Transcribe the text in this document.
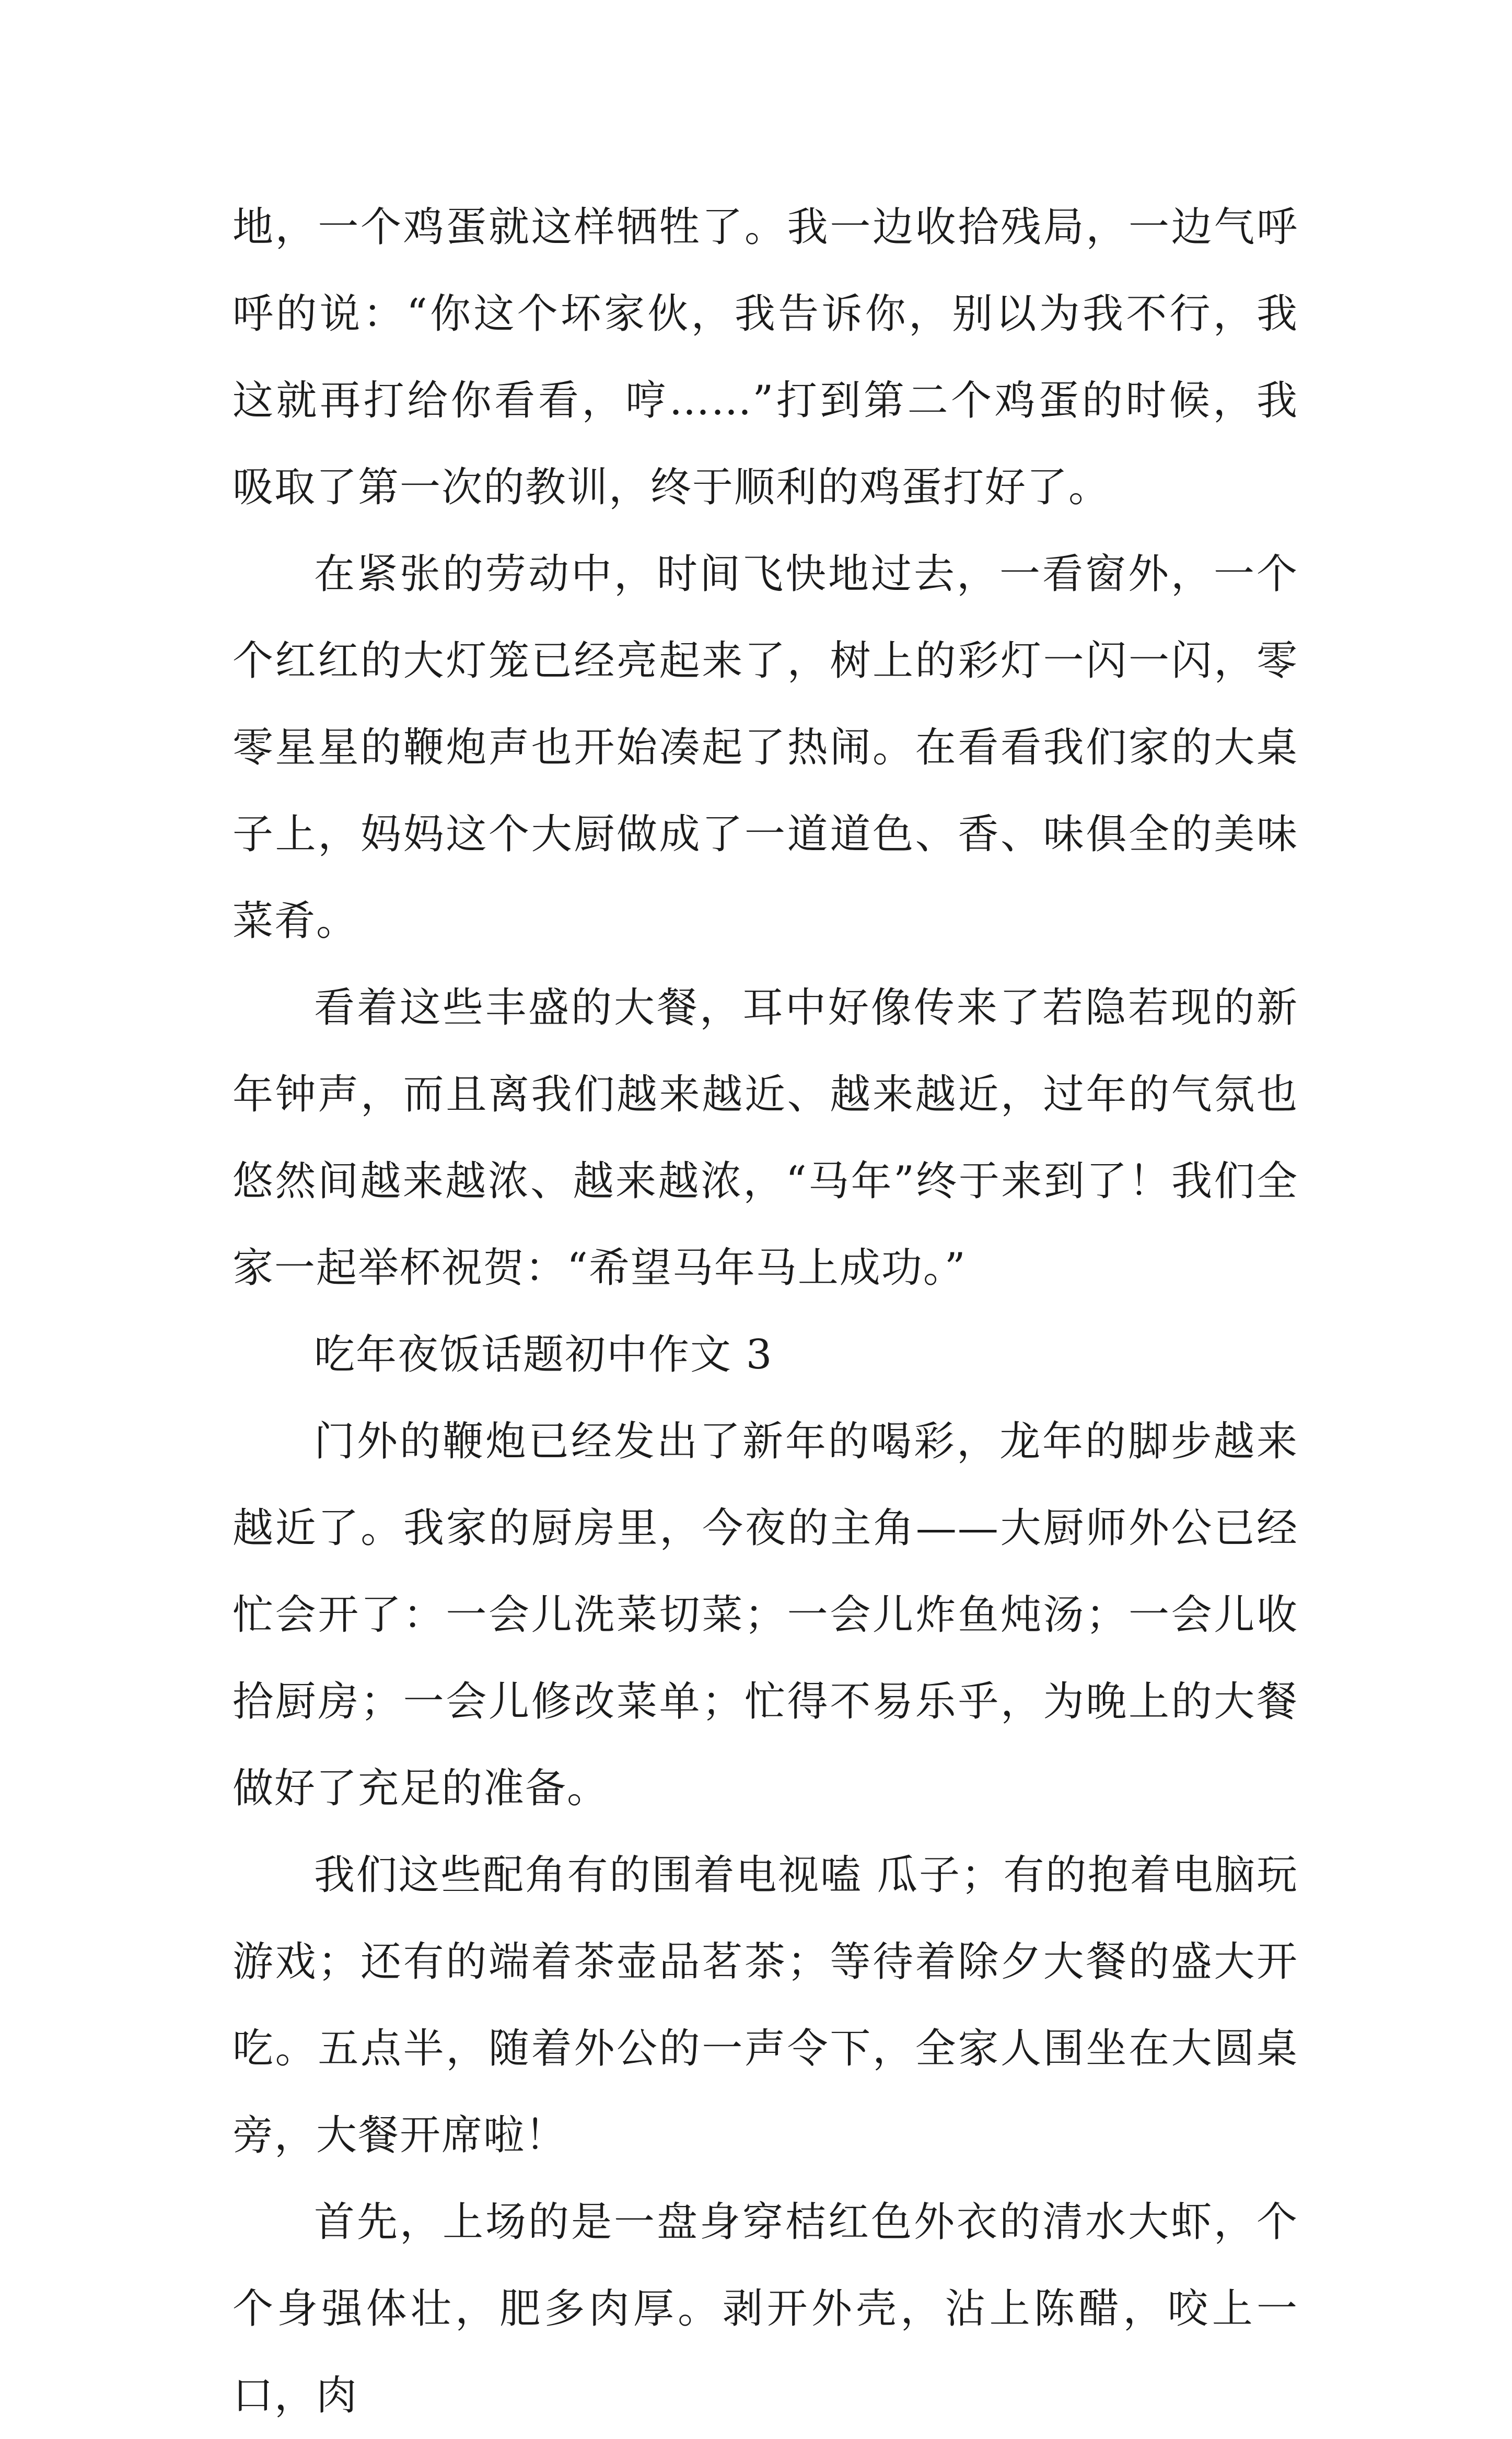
地，一个鸡蛋就这样牺牲了。我一边收拾残局，一边气呼呼的说：“你这个坏家伙，我告诉你，别以为我不行，我这就再打给你看看，哼……”打到第二个鸡蛋的时候，我吸取了第一次的教训，终于顺利的鸡蛋打好了。

在紧张的劳动中，时间飞快地过去，一看窗外，一个个红红的大灯笼已经亮起来了，树上的彩灯一闪一闪，零零星星的鞭炮声也开始凑起了热闹。在看看我们家的大桌子上，妈妈这个大厨做成了一道道色、香、味俱全的美味菜肴。

看着这些丰盛的大餐，耳中好像传来了若隐若现的新年钟声，而且离我们越来越近、越来越近，过年的气氛也悠然间越来越浓、越来越浓，“马年”终于来到了！我们全家一起举杯祝贺：“希望马年马上成功。”

吃年夜饭话题初中作文 3

门外的鞭炮已经发出了新年的喝彩，龙年的脚步越来越近了。我家的厨房里，今夜的主角——大厨师外公已经忙会开了：一会儿洗菜切菜；一会儿炸鱼炖汤；一会儿收拾厨房；一会儿修改菜单；忙得不易乐乎，为晚上的大餐做好了充足的准备。

我们这些配角有的围着电视嗑 瓜子；有的抱着电脑玩游戏；还有的端着茶壶品茗茶；等待着除夕大餐的盛大开吃。五点半，随着外公的一声令下，全家人围坐在大圆桌旁，大餐开席啦！

首先，上场的是一盘身穿桔红色外衣的清水大虾，个个身强体壮，肥多肉厚。剥开外壳，沾上陈醋，咬上一口，肉
